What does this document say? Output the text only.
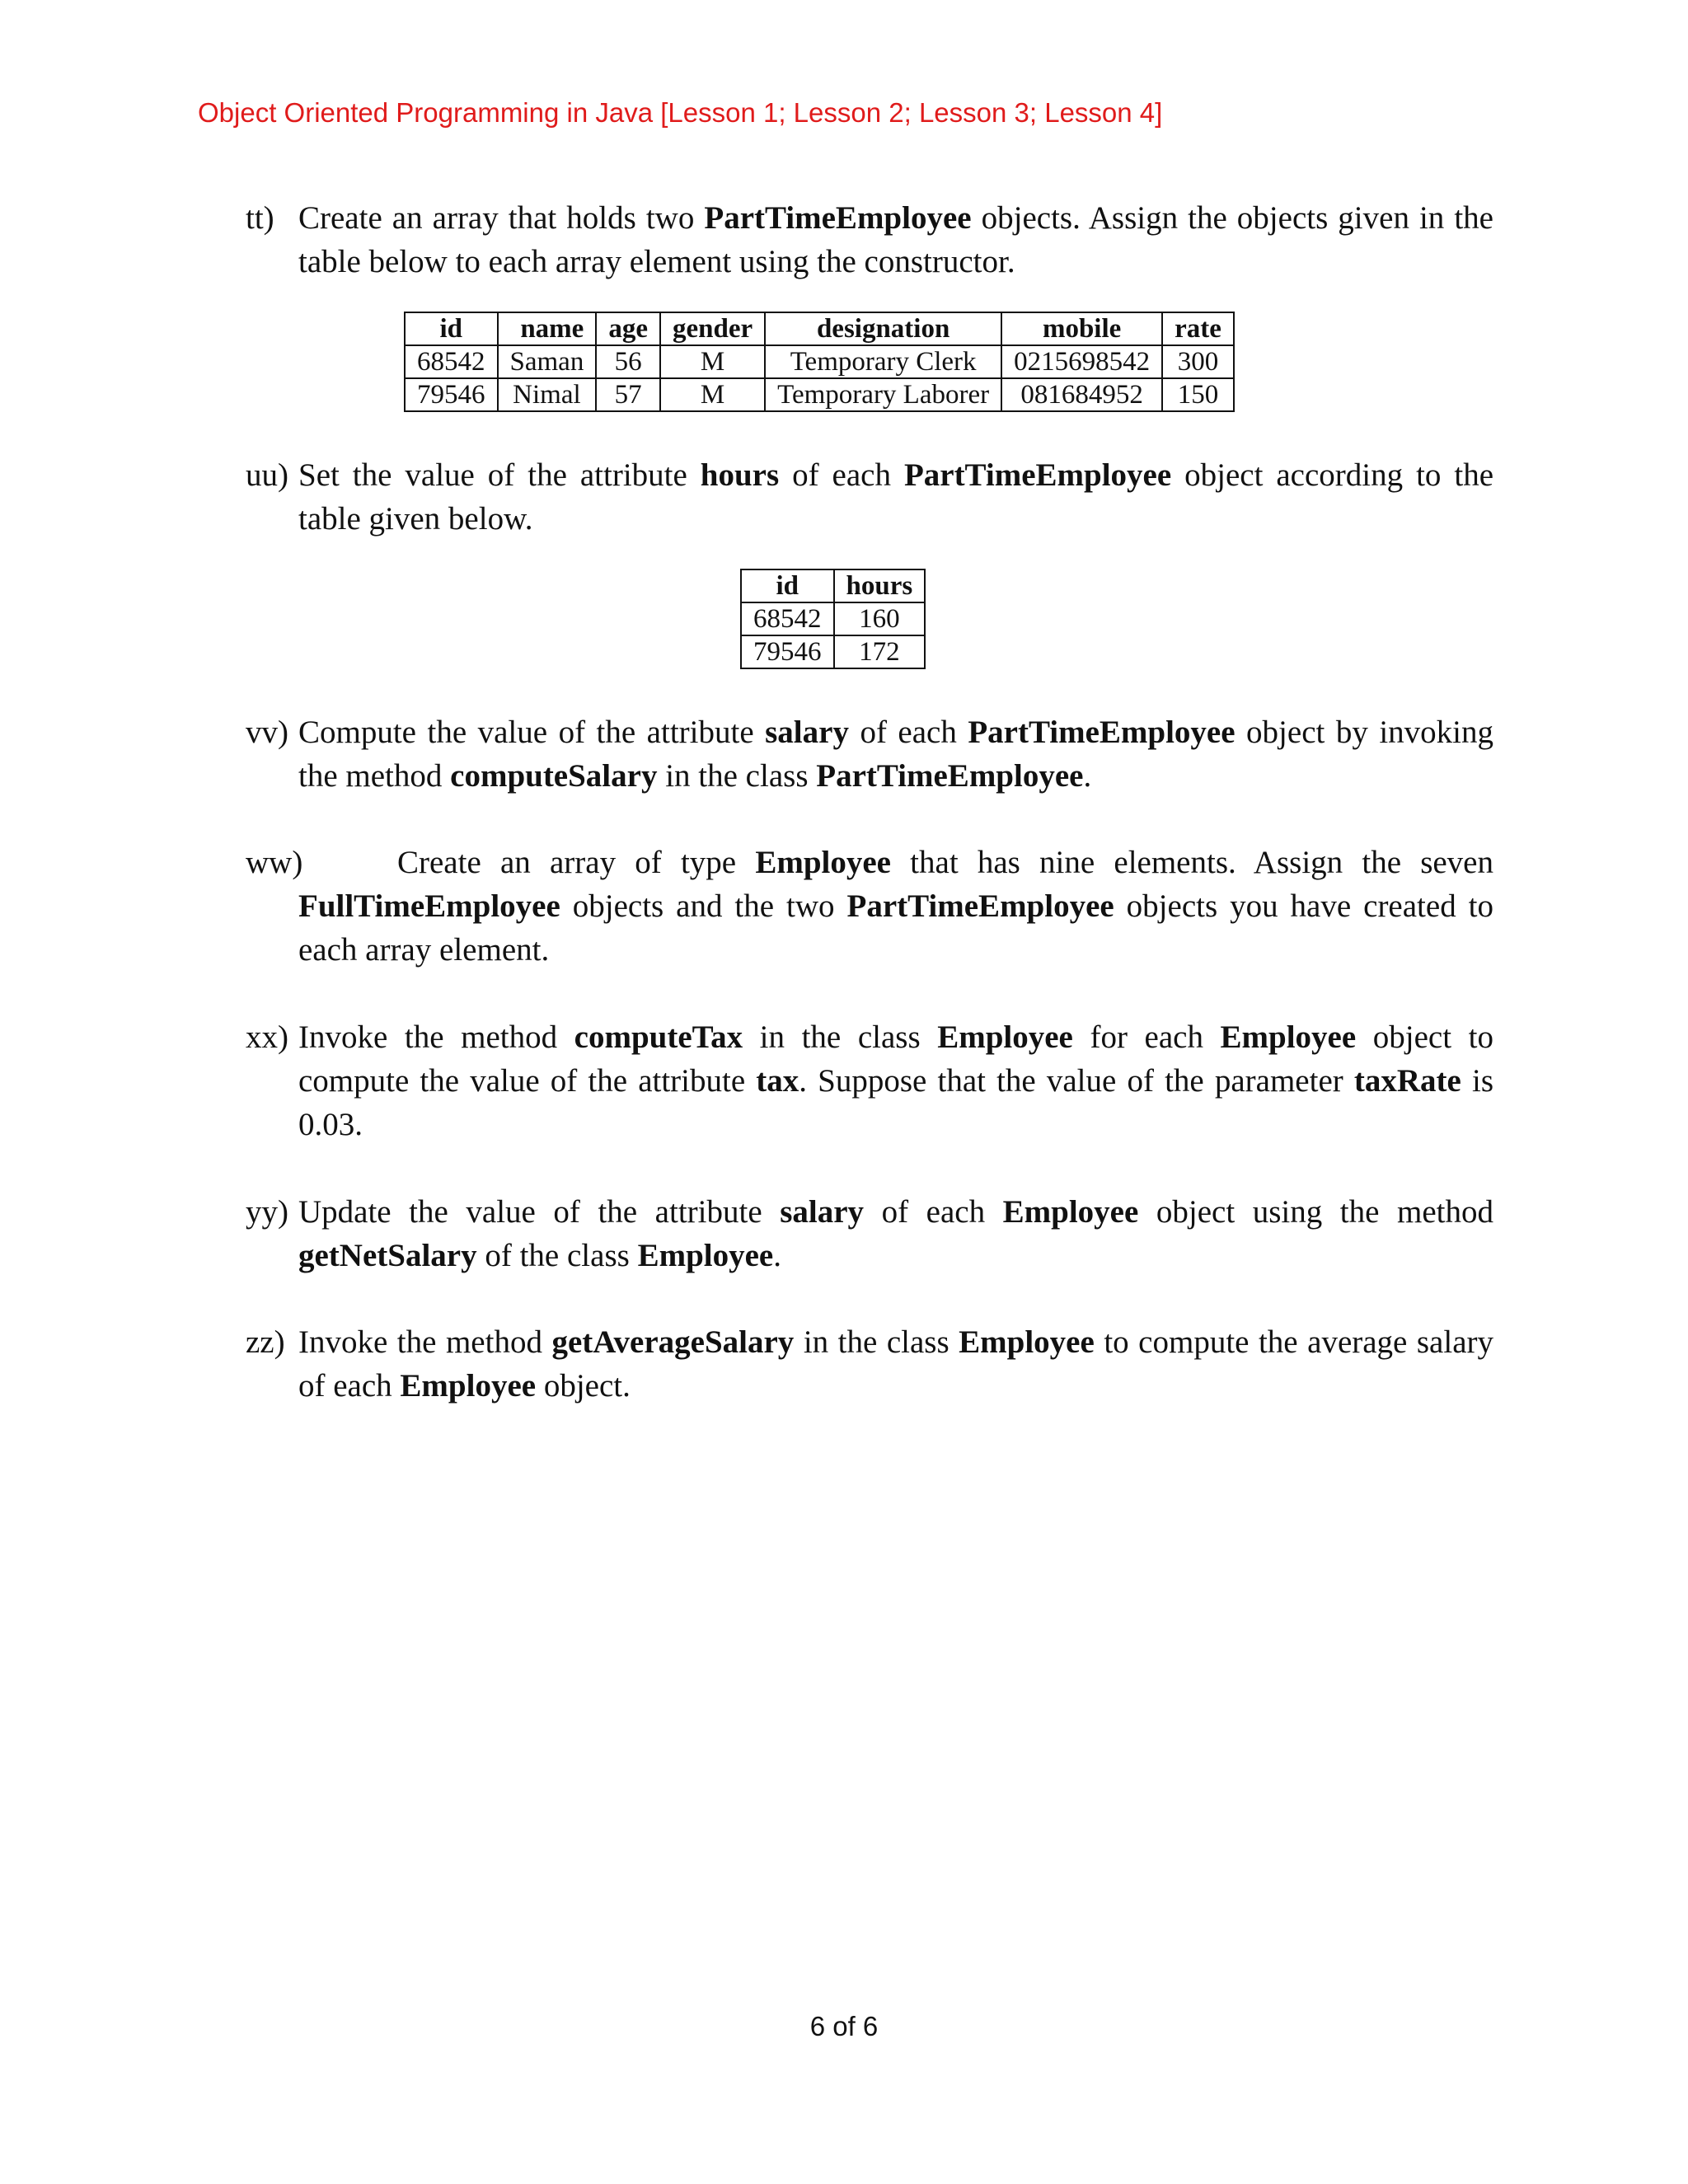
Object Oriented Programming in Java [Lesson 1; Lesson 2; Lesson 3; Lesson 4]
tt) Create an array that holds two PartTimeEmployee objects. Assign the objects given in the table below to each array element using the constructor.
id	name	age	gender	designation	mobile	rate
68542	Saman	56	M	Temporary Clerk	0215698542	300
79546	Nimal	57	M	Temporary Laborer	081684952	150
uu) Set the value of the attribute hours of each PartTimeEmployee object according to the table given below.
id	hours
68542	160
79546	172
vv) Compute the value of the attribute salary of each PartTimeEmployee object by invoking the method computeSalary in the class PartTimeEmployee.
ww)	Create an array of type Employee that has nine elements. Assign the seven FullTimeEmployee objects and the two PartTimeEmployee objects you have created to each array element.
xx) Invoke the method computeTax in the class Employee for each Employee object to compute the value of the attribute tax. Suppose that the value of the parameter taxRate is 0.03.
yy) Update the value of the attribute salary of each Employee object using the method getNetSalary of the class Employee.
zz) Invoke the method getAverageSalary in the class Employee to compute the average salary of each Employee object.
6 of 6
